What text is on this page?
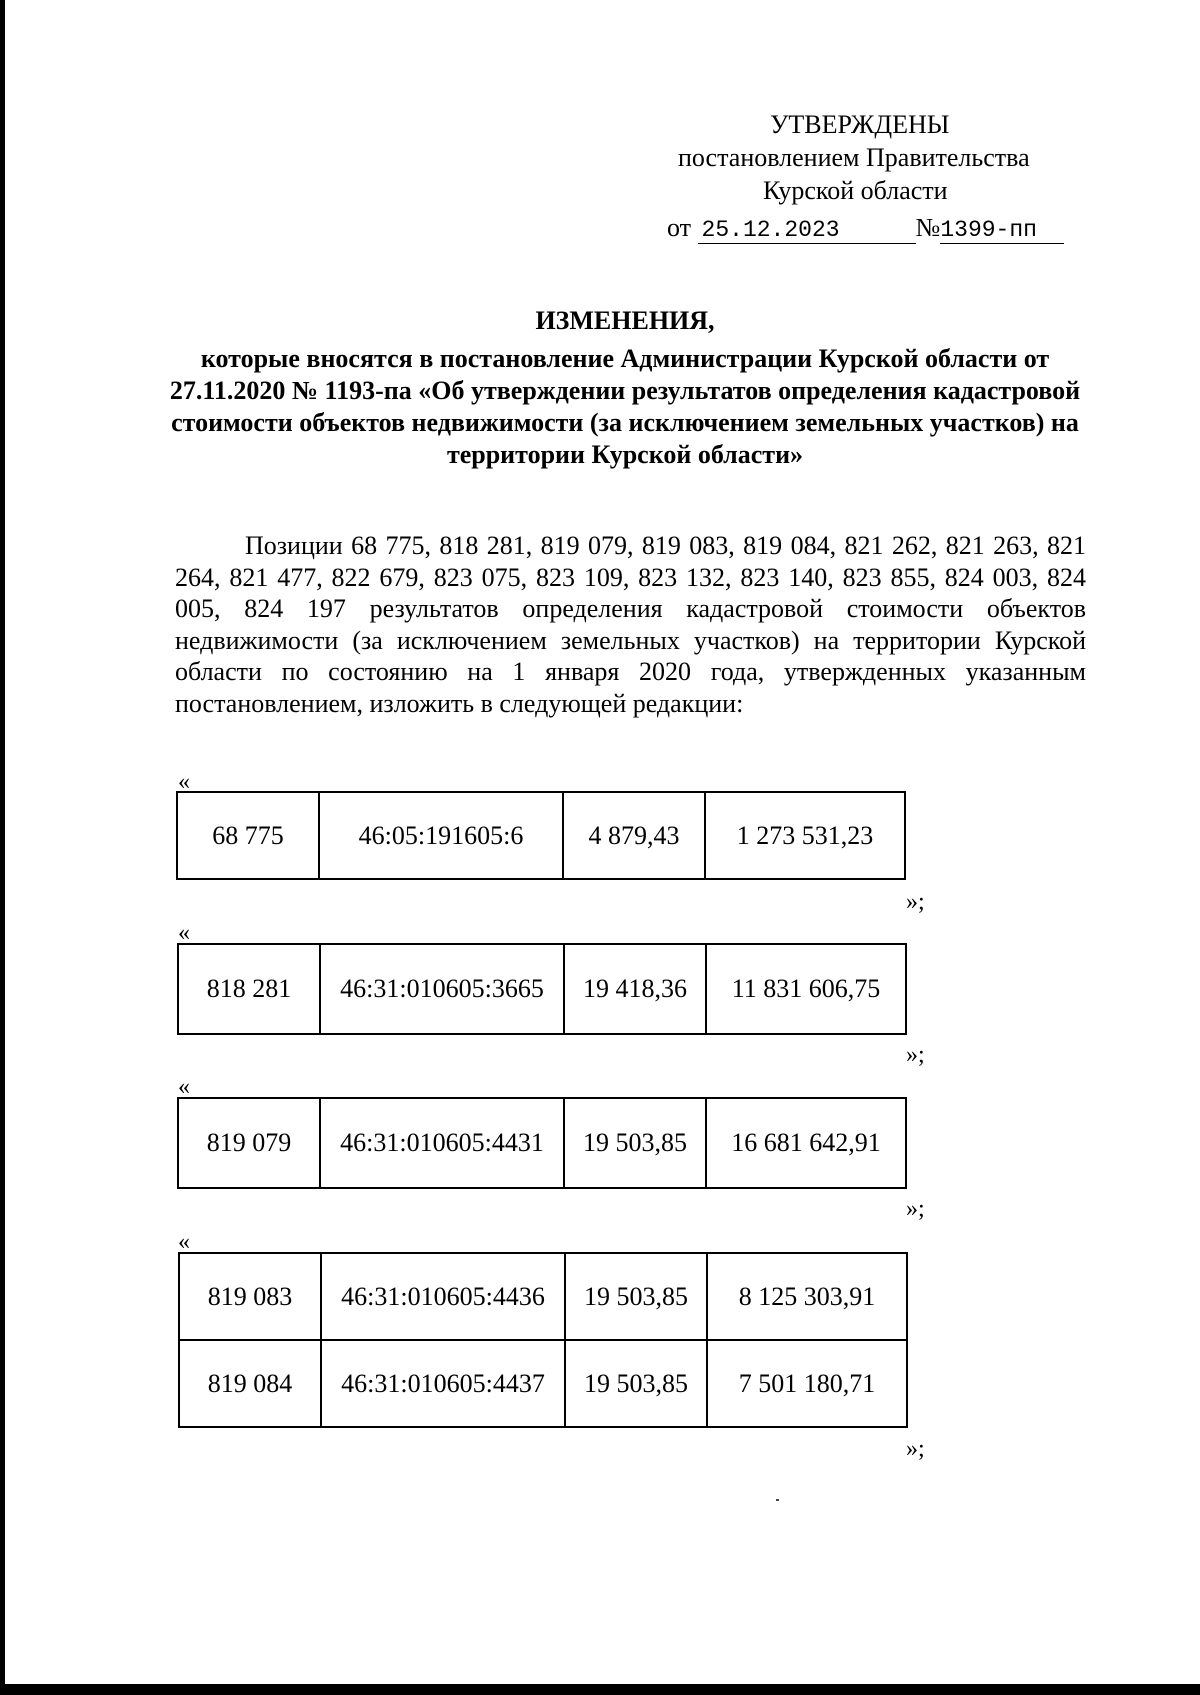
УТВЕРЖДЕНЫ
постановлением Правительства
Курской области
от 25.12.2023	№1399-пп
ИЗМЕНЕНИЯ,
которые вносятся в постановление Администрации Курской области от 27.11.2020 № 1193-па «Об утверждении результатов определения кадастровой стоимости объектов недвижимости (за исключением земельных участков) на территории Курской области»
Позиции 68 775, 818 281, 819 079, 819 083, 819 084, 821 262, 821 263, 821 264, 821 477, 822 679, 823 075, 823 109, 823 132, 823 140, 823 855, 824 003, 824 005, 824 197 результатов определения кадастровой стоимости объектов недвижимости (за исключением земельных участков) на территории Курской области по состоянию на 1 января 2020 года, утвержденных указанным постановлением, изложить в следующей редакции:
«
68 775	46:05:191605:6	4 879,43	1 273 531,23
»;
«
818 281	46:31:010605:3665	19 418,36	11 831 606,75
»;
«
819 079	46:31:010605:4431	19 503,85	16 681 642,91
»;
«
819 083	46:31:010605:4436	19 503,85	8 125 303,91
819 084	46:31:010605:4437	19 503,85	7 501 180,71
»;
